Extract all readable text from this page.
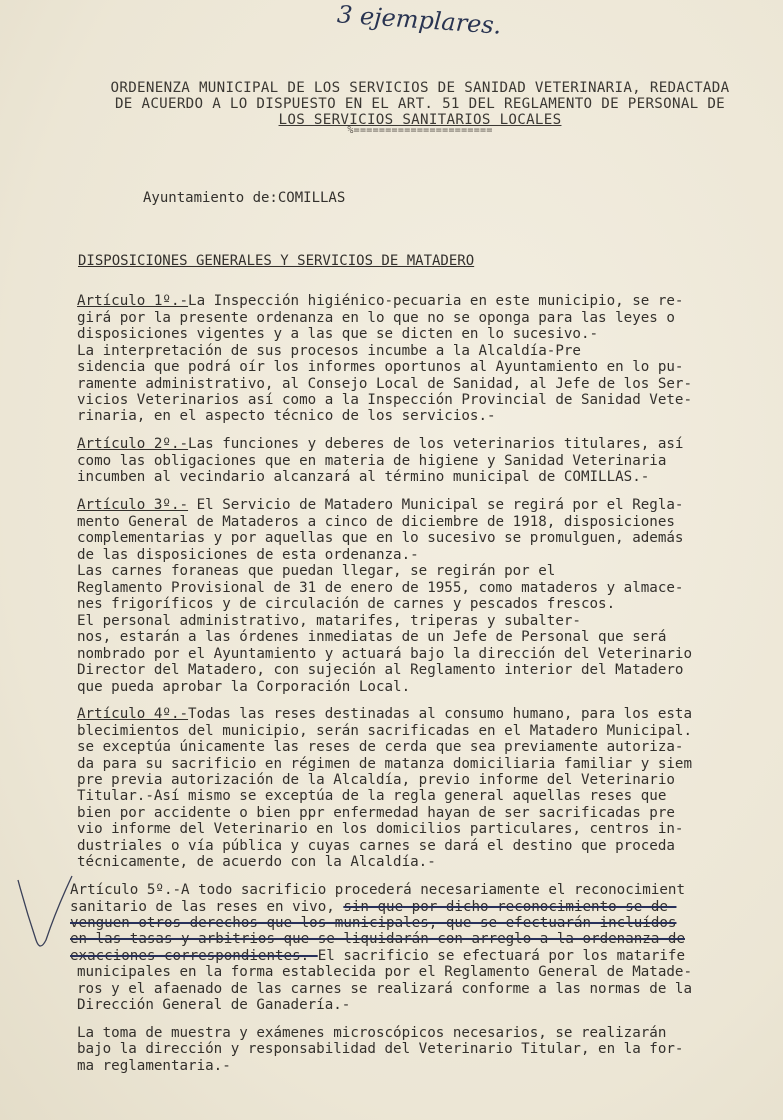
3 ejemplares.
ORDENENZA MUNICIPAL DE LOS SERVICIOS DE SANIDAD VETERINARIA, REDACTADA
DE ACUERDO A LO DISPUESTO EN EL ART. 51 DEL REGLAMENTO DE PERSONAL DE
LOS SERVICIOS SANITARIOS LOCALES
%======================
Ayuntamiento de:COMILLAS
DISPOSICIONES GENERALES Y SERVICIOS DE MATADERO
Artículo 1º.-La Inspección higiénico-pecuaria en este municipio, se re-
girá por la presente ordenanza en lo que no se oponga para las leyes o
disposiciones vigentes y a las que se dicten en lo sucesivo.-
La interpretación de sus procesos incumbe a la Alcaldía-Pre
sidencia que podrá oír los informes oportunos al Ayuntamiento en lo pu-
ramente administrativo, al Consejo Local de Sanidad, al Jefe de los Ser-
vicios Veterinarios así como a la Inspección Provincial de Sanidad Vete-
rinaria, en el aspecto técnico de los servicios.-
Artículo 2º.-Las funciones y deberes de los veterinarios titulares, así
como las obligaciones que en materia de higiene y Sanidad Veterinaria
incumben al vecindario alcanzará al término municipal de COMILLAS.-
Artículo 3º.- El Servicio de Matadero Municipal se regirá por el Regla-
mento General de Mataderos a cinco de diciembre de 1918, disposiciones
complementarias y por aquellas que en lo sucesivo se promulguen, además
de las disposiciones de esta ordenanza.-
Las carnes foraneas que puedan llegar, se regirán por el
Reglamento Provisional de 31 de enero de 1955, como mataderos y almace-
nes frigoríficos y de circulación de carnes y pescados frescos.
El personal administrativo, matarifes, triperas y subalter-
nos, estarán a las órdenes inmediatas de un Jefe de Personal que será
nombrado por el Ayuntamiento y actuará bajo la dirección del Veterinario
Director del Matadero, con sujeción al Reglamento interior del Matadero
que pueda aprobar la Corporación Local.
Artículo 4º.-Todas las reses destinadas al consumo humano, para los esta
blecimientos del municipio, serán sacrificadas en el Matadero Municipal.
se exceptúa únicamente las reses de cerda que sea previamente autoriza-
da para su sacrificio en régimen de matanza domiciliaria familiar y siem
pre previa autorización de la Alcaldía, previo informe del Veterinario
Titular.-Así mismo se exceptúa de la regla general aquellas reses que
bien por accidente o bien ppr enfermedad hayan de ser sacrificadas pre
vio informe del Veterinario en los domicilios particulares, centros in-
dustriales o vía pública y cuyas carnes se dará el destino que proceda
técnicamente, de acuerdo con la Alcaldía.-
Artículo 5º.-A todo sacrificio procederá necesariamente el reconocimient
sanitario de las reses en vivo, sin que por dicho reconocimiento se de-
venguen otros derechos que los municipales, que se efectuarán incluídos
en las tasas y arbitrios que se liquidarán con arreglo a la ordenanza de
exacciones correspondientes.-El sacrificio se efectuará por los matarife
municipales en la forma establecida por el Reglamento General de Matade-
ros y el afaenado de las carnes se realizará conforme a las normas de la
Dirección General de Ganadería.-
La toma de muestra y exámenes microscópicos necesarios, se realizarán
bajo la dirección y responsabilidad del Veterinario Titular, en la for-
ma reglamentaria.-
